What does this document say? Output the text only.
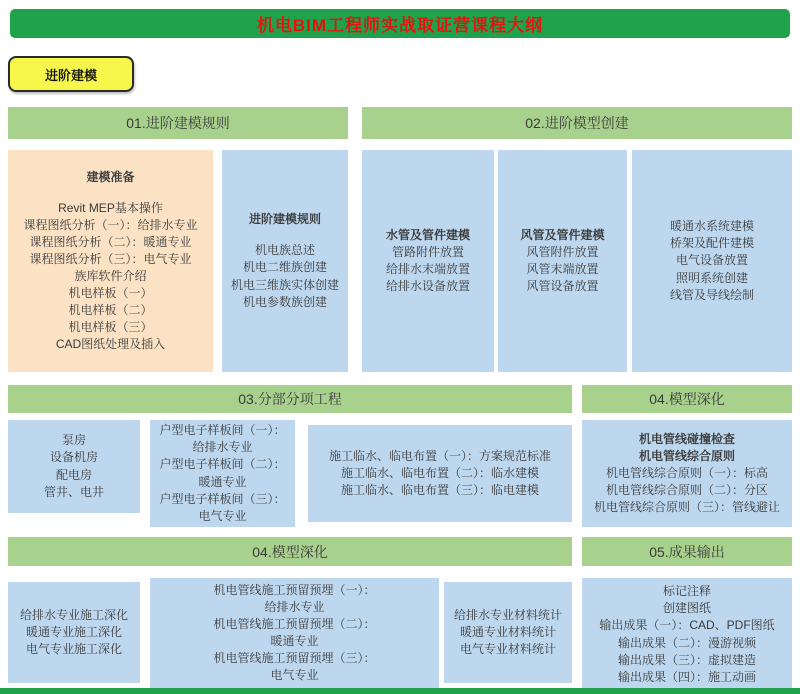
机电BIM工程师实战取证营课程大纲
进阶建模
01.进阶建模规则	02.进阶模型创建
建模准备
Revit MEP基本操作
课程图纸分析（一）：给排水专业
课程图纸分析（二）：暖通专业
课程图纸分析（三）：电气专业
族库软件介绍
机电样板（一）
机电样板（二）
机电样板（三）
CAD图纸处理及插入
进阶建模规则
机电族总述
机电二维族创建
机电三维族实体创建
机电参数族创建
水管及管件建模
管路附件放置
给排水末端放置
给排水设备放置
风管及管件建模
风管附件放置
风管末端放置
风管设备放置
暖通水系统建模
桥架及配件建模
电气设备放置
照明系统创建
线管及导线绘制
03.分部分项工程	04.模型深化
泵房
设备机房
配电房
管井、电井
户型电子样板间（一）：
给排水专业
户型电子样板间（二）：
暖通专业
户型电子样板间（三）：
电气专业
施工临水、临电布置（一）：方案规范标准
施工临水、临电布置（二）：临水建模
施工临水、临电布置（三）：临电建模
机电管线碰撞检查
机电管线综合原则
机电管线综合原则（一）：标高
机电管线综合原则（二）：分区
机电管线综合原则（三）：管线避让
04.模型深化	05.成果输出
给排水专业施工深化
暖通专业施工深化
电气专业施工深化
机电管线施工预留预埋（一）：
给排水专业
机电管线施工预留预埋（二）：
暖通专业
机电管线施工预留预埋（三）：
电气专业
给排水专业材料统计
暖通专业材料统计
电气专业材料统计
标记注释
创建图纸
输出成果（一）：CAD、PDF图纸
输出成果（二）：漫游视频
输出成果（三）：虚拟建造
输出成果（四）：施工动画
